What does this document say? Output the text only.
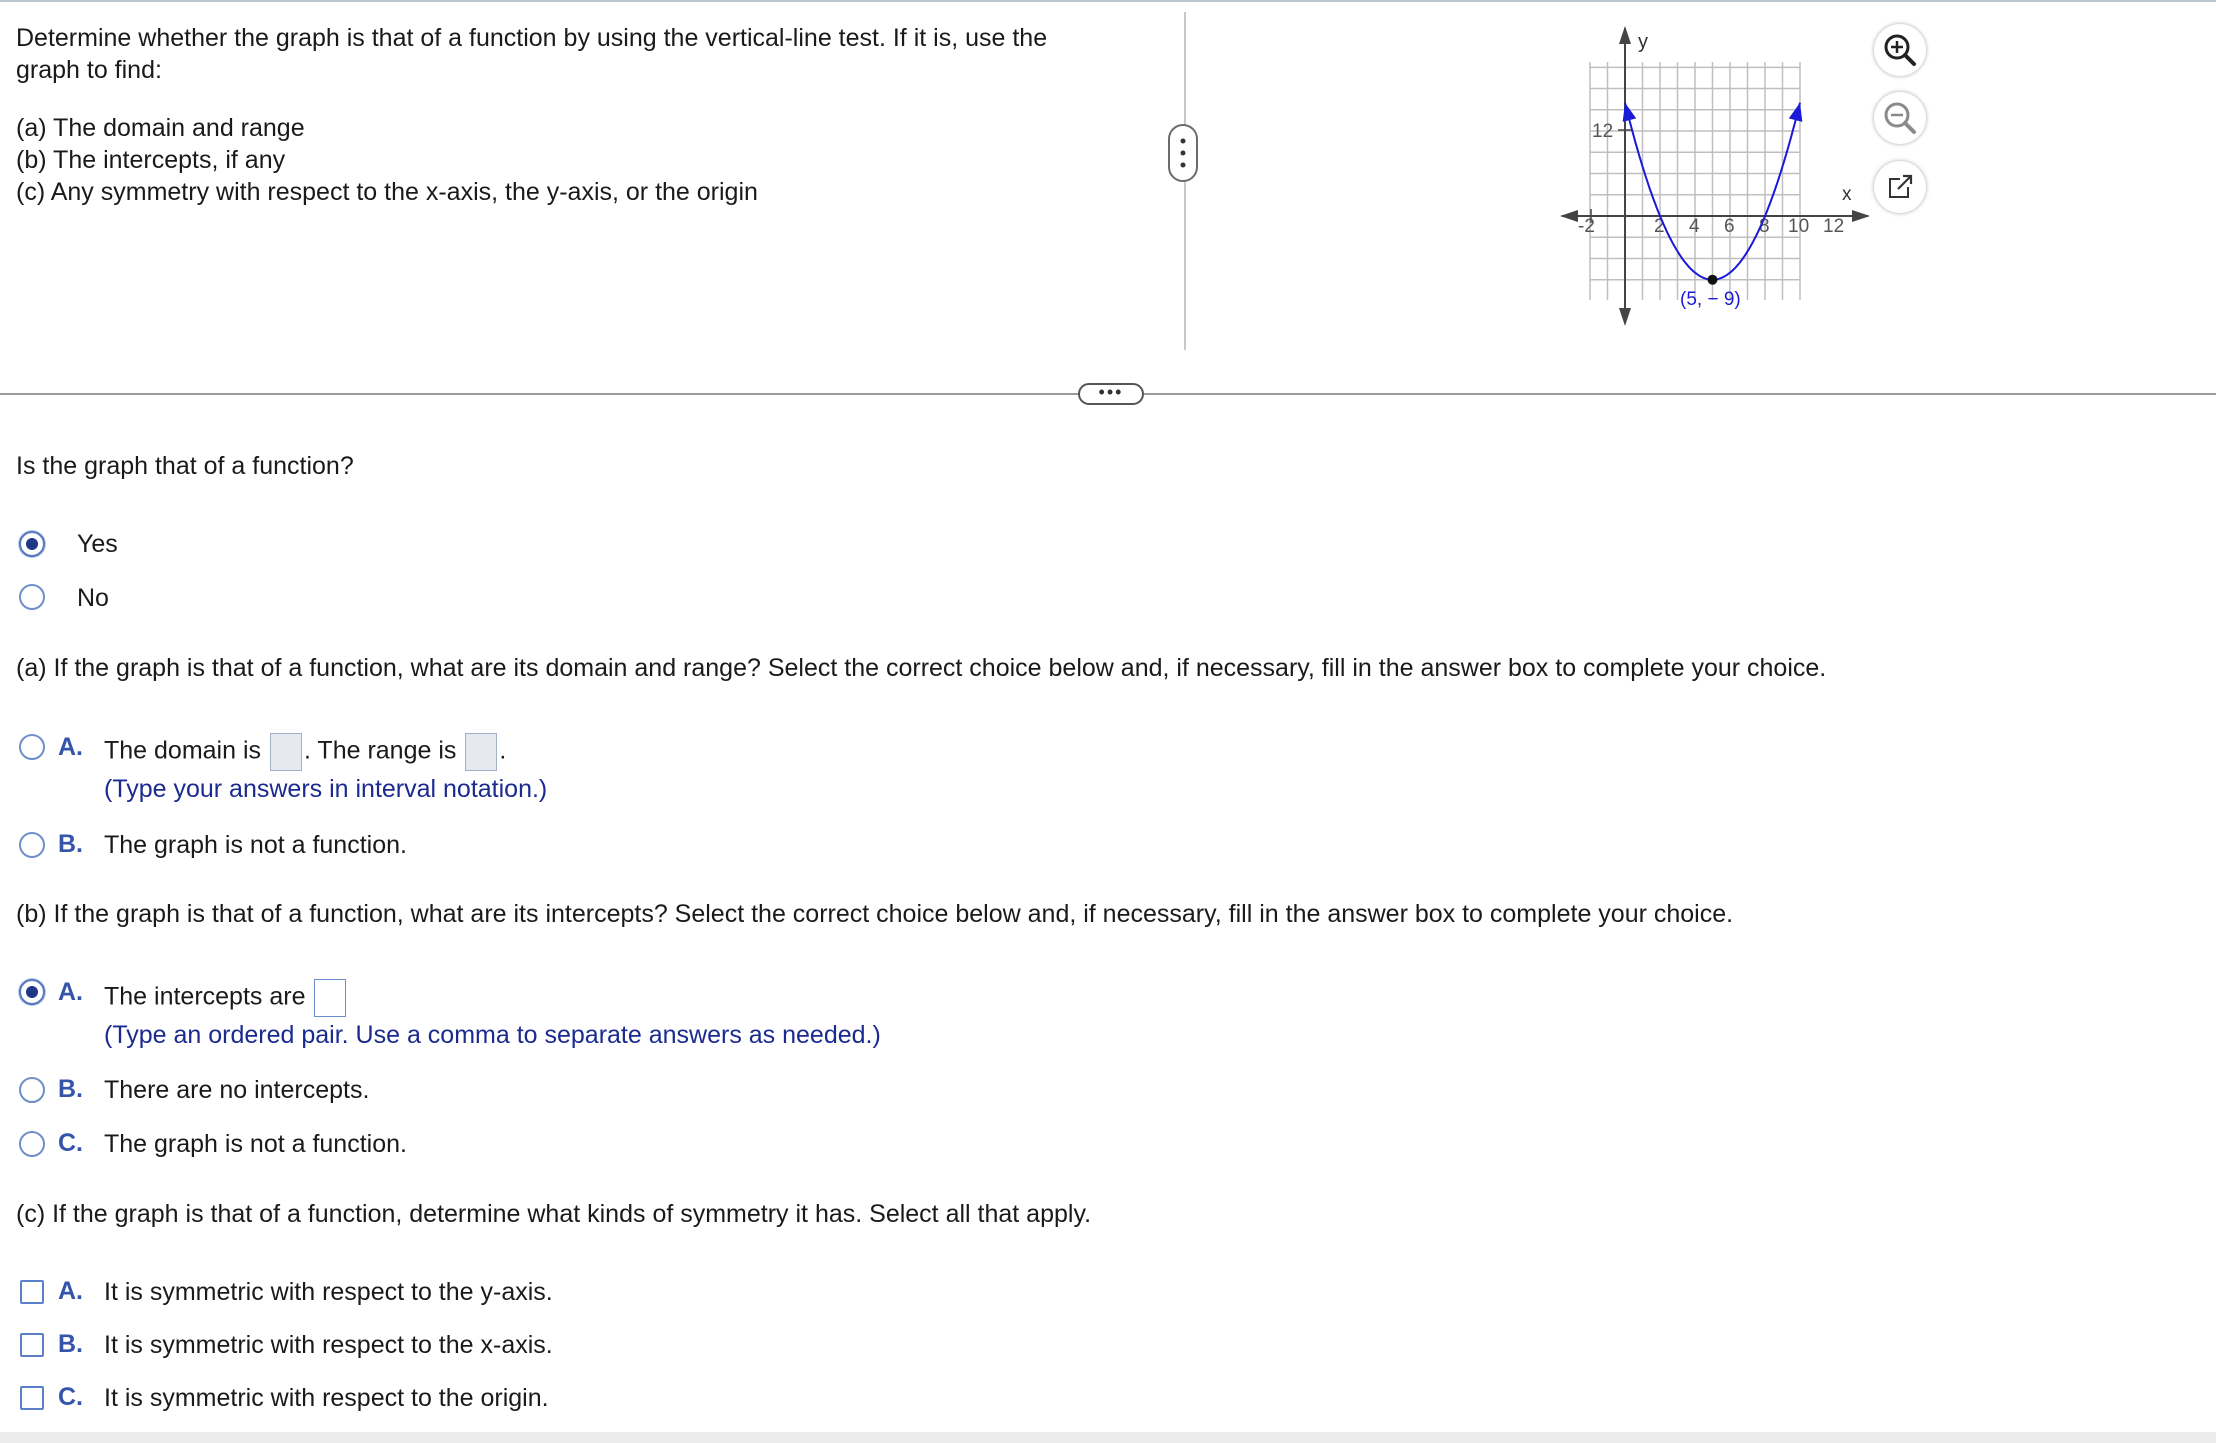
Determine whether the graph is that of a function by using the vertical-line test. If it is, use the
graph to find:
(a) The domain and range
(b) The intercepts, if any
(c) Any symmetry with respect to the x-axis, the y-axis, or the origin
y
x
12
-2	2 4 6 8 10 12
(5, − 9)
•••
Is the graph that of a function?
Yes
No
(a) If the graph is that of a function, what are its domain and range? Select the correct choice below and, if necessary, fill in the answer box to complete your choice.
A. The domain is . The range is .
(Type your answers in interval notation.)
B. The graph is not a function.
(b) If the graph is that of a function, what are its intercepts? Select the correct choice below and, if necessary, fill in the answer box to complete your choice.
A. The intercepts are
(Type an ordered pair. Use a comma to separate answers as needed.)
B. There are no intercepts.
C. The graph is not a function.
(c) If the graph is that of a function, determine what kinds of symmetry it has. Select all that apply.
A. It is symmetric with respect to the y-axis.
B. It is symmetric with respect to the x-axis.
C. It is symmetric with respect to the origin.
